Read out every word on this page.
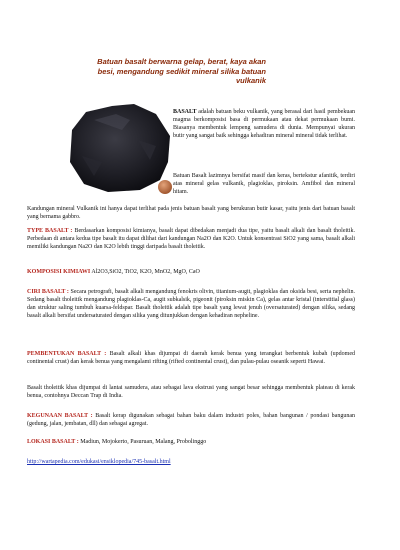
Batuan basalt berwarna gelap, berat, kaya akan besi, mengandung sedikit mineral silika batuan vulkanik
BASALT adalah batuan beku vulkanik, yang berasal dari hasil pembekuan magma berkomposisi basa di permukaan atau dekat permukaan bumi. Biasanya membentuk lempeng samudera di dunia. Mempunyai ukuran butir yang sangat baik sehingga kehadiran mineral mineral tidak terlihat.
Batuan Basalt lazimnya bersifat masif dan keras, bertekstur afanitik, terdiri atas mineral gelas vulkanik, plagioklas, piroksin. Amfibol dan mineral hitam.
Kandungan mineral Vulkanik ini hanya dapat terlihat pada jenis batuan basalt yang berukuran butir kasar, yaitu jenis dari batuan basalt yang bernama gabbro.
TYPE BASALT : Berdasarkan komposisi kimianya, basalt dapat dibedakan menjadi dua tipe, yaitu basalt alkali dan basalt tholeitik. Perbedaan di antara kedua tipe basalt itu dapat dilihat dari kandungan Na2O dan K2O. Untuk konsentrasi SiO2 yang sama, basalt alkali memiliki kandungan Na2O dan K2O lebih tinggi daripada basalt tholeitik.
KOMPOSISI KIMIAWI Al2O3,SiO2, TiO2, K2O, MnO2, MgO, CaO
CIRI BASALT : Secara petrografi, basalt alkali mengandung fenokris olivin, titanium-augit, plagioklas dan oksida besi, serta nephelin. Sedang basalt tholeitik mengandung plagioklas-Ca, augit subkalsik, pigeonit (piroksin miskin Ca), gelas antar kristal (interstitial glass) dan struktur saling tumbuh kuarsa-feldspar. Basalt tholeitik adalah tipe basalt yang lewat jenuh (oversaturated) dengan silika, sedang basalt alkali bersifat undersaturated dengan silika yang ditunjukkan dengan kehadiran nepheline.
PEMBENTUKAN BASALT : Basalt alkali khas dijumpai di daerah kerak benua yang terangkat berbentuk kubah (updomed continental crust) dan kerak benua yang mengalami rifting (rifted continental crust), dan pulau-pulau oseanik seperti Hawai.
Basalt tholeitik khas dijumpai di lantai samudera, atau sebagai lava ekstrusi yang sangat besar sehingga membentuk plateau di kerak benua, contohnya Deccan Trap di India.
KEGUNAAN BASALT : Basalt kerap digunakan sebagai bahan baku dalam industri poles, bahan bangunan / pondasi bangunan (gedung, jalan, jembatan, dll) dan sebagai agregat.
LOKASI BASALT : Madiun, Mojokerto, Pasuruan, Malang, Probolinggo
http://wartapedia.com/edukasi/ensiklopedia/745-basalt.html
